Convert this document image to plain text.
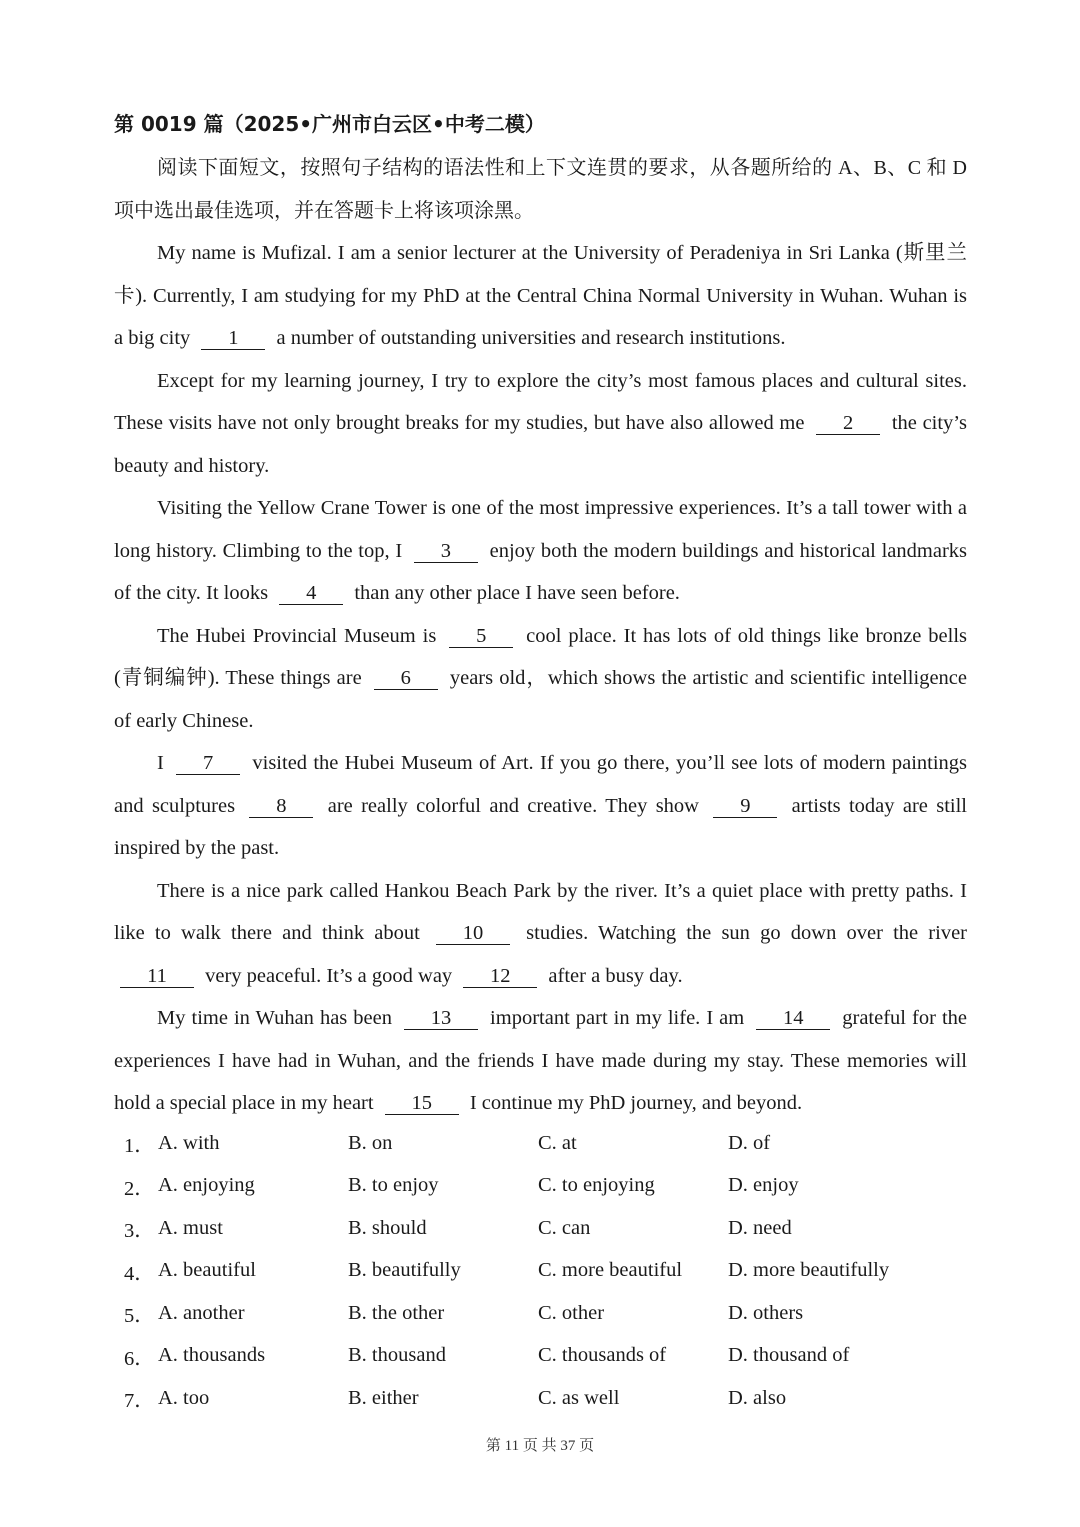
第 0019 篇（2025•广州市白云区•中考二模）

阅读下面短文，按照句子结构的语法性和上下文连贯的要求，从各题所给的 A、B、C 和 D 项中选出最佳选项，并在答题卡上将该项涂黑。

My name is Mufizal. I am a senior lecturer at the University of Peradeniya in Sri Lanka (斯里兰卡). Currently, I am studying for my PhD at the Central China Normal University in Wuhan. Wuhan is a big city 1 a number of outstanding universities and research institutions.

Except for my learning journey, I try to explore the city’s most famous places and cultural sites. These visits have not only brought breaks for my studies, but have also allowed me 2 the city’s beauty and history.

Visiting the Yellow Crane Tower is one of the most impressive experiences. It’s a tall tower with a long history. Climbing to the top, I 3 enjoy both the modern buildings and historical landmarks of the city. It looks 4 than any other place I have seen before.

The Hubei Provincial Museum is 5 cool place. It has lots of old things like bronze bells (青铜编钟). These things are 6 years old，which shows the artistic and scientific intelligence of early Chinese.

I 7 visited the Hubei Museum of Art. If you go there, you’ll see lots of modern paintings and sculptures 8 are really colorful and creative. They show 9 artists today are still inspired by the past.

There is a nice park called Hankou Beach Park by the river. It’s a quiet place with pretty paths. I like to walk there and think about 10 studies. Watching the sun go down over the river 11 very peaceful. It’s a good way 12 after a busy day.

My time in Wuhan has been 13 important part in my life. I am 14 grateful for the experiences I have had in Wuhan, and the friends I have made during my stay. These memories will hold a special place in my heart 15 I continue my PhD journey, and beyond.

1． A. with	B. on	C. at	D. of
2． A. enjoying	B. to enjoy	C. to enjoying	D. enjoy
3． A. must	B. should	C. can	D. need
4． A. beautiful	B. beautifully	C. more beautiful	D. more beautifully
5． A. another	B. the other	C. other	D. others
6． A. thousands	B. thousand	C. thousands of	D. thousand of
7． A. too	B. either	C. as well	D. also
第 11 页 共 37 页
